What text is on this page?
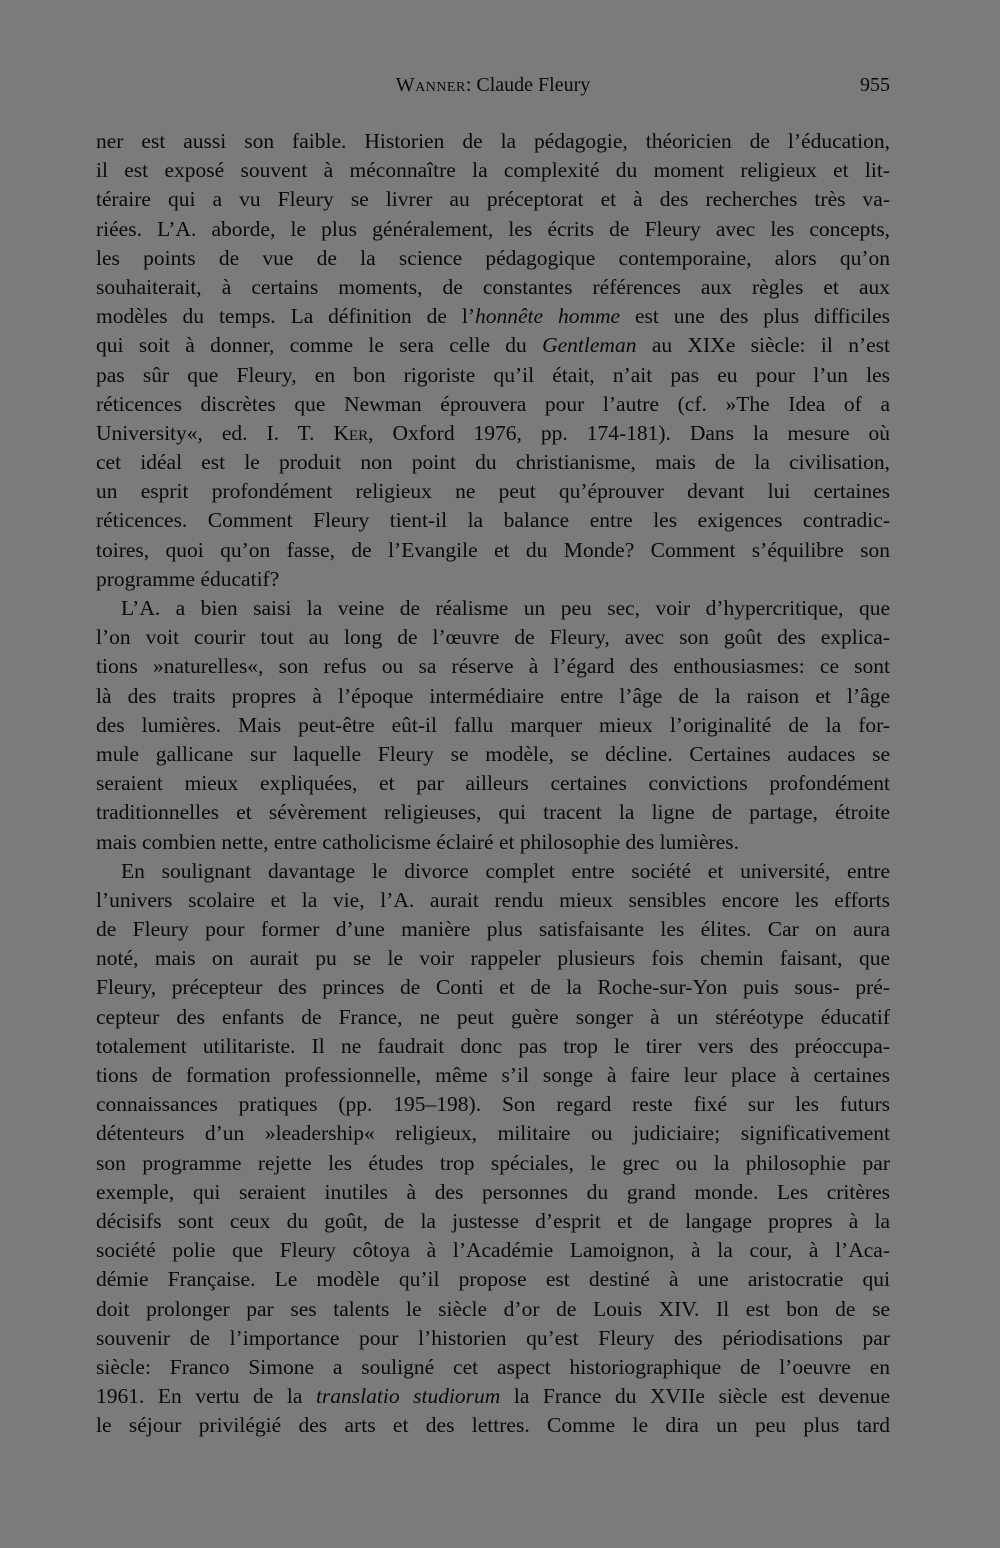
Wanner: Claude Fleury	955
ner est aussi son faible. Historien de la pédagogie, théoricien de l’éducation,
il est exposé souvent à méconnaître la complexité du moment religieux et lit-
téraire qui a vu Fleury se livrer au préceptorat et à des recherches très va-
riées. L’A. aborde, le plus généralement, les écrits de Fleury avec les concepts,
les points de vue de la science pédagogique contemporaine, alors qu’on
souhaiterait, à certains moments, de constantes références aux règles et aux
modèles du temps. La définition de l’honnête homme est une des plus difficiles
qui soit à donner, comme le sera celle du Gentleman au XIXe siècle: il n’est
pas sûr que Fleury, en bon rigoriste qu’il était, n’ait pas eu pour l’un les
réticences discrètes que Newman éprouvera pour l’autre (cf. »The Idea of a
University«, ed. I. T. Ker, Oxford 1976, pp. 174-181). Dans la mesure où
cet idéal est le produit non point du christianisme, mais de la civilisation,
un esprit profondément religieux ne peut qu’éprouver devant lui certaines
réticences. Comment Fleury tient-il la balance entre les exigences contradic-
toires, quoi qu’on fasse, de l’Evangile et du Monde? Comment s’équilibre son
programme éducatif?
L’A. a bien saisi la veine de réalisme un peu sec, voir d’hypercritique, que
l’on voit courir tout au long de l’œuvre de Fleury, avec son goût des explica-
tions »naturelles«, son refus ou sa réserve à l’égard des enthousiasmes: ce sont
là des traits propres à l’époque intermédiaire entre l’âge de la raison et l’âge
des lumières. Mais peut-être eût-il fallu marquer mieux l’originalité de la for-
mule gallicane sur laquelle Fleury se modèle, se décline. Certaines audaces se
seraient mieux expliquées, et par ailleurs certaines convictions profondément
traditionnelles et sévèrement religieuses, qui tracent la ligne de partage, étroite
mais combien nette, entre catholicisme éclairé et philosophie des lumières.
En soulignant davantage le divorce complet entre société et université, entre
l’univers scolaire et la vie, l’A. aurait rendu mieux sensibles encore les efforts
de Fleury pour former d’une manière plus satisfaisante les élites. Car on aura
noté, mais on aurait pu se le voir rappeler plusieurs fois chemin faisant, que
Fleury, précepteur des princes de Conti et de la Roche-sur-Yon puis sous- pré-
cepteur des enfants de France, ne peut guère songer à un stéréotype éducatif
totalement utilitariste. Il ne faudrait donc pas trop le tirer vers des préoccupa-
tions de formation professionnelle, même s’il songe à faire leur place à certaines
connaissances pratiques (pp. 195–198). Son regard reste fixé sur les futurs
détenteurs d’un »leadership« religieux, militaire ou judiciaire; significativement
son programme rejette les études trop spéciales, le grec ou la philosophie par
exemple, qui seraient inutiles à des personnes du grand monde. Les critères
décisifs sont ceux du goût, de la justesse d’esprit et de langage propres à la
société polie que Fleury côtoya à l’Académie Lamoignon, à la cour, à l’Aca-
démie Française. Le modèle qu’il propose est destiné à une aristocratie qui
doit prolonger par ses talents le siècle d’or de Louis XIV. Il est bon de se
souvenir de l’importance pour l’historien qu’est Fleury des périodisations par
siècle: Franco Simone a souligné cet aspect historiographique de l’oeuvre en
1961. En vertu de la translatio studiorum la France du XVIIe siècle est devenue
le séjour privilégié des arts et des lettres. Comme le dira un peu plus tard
